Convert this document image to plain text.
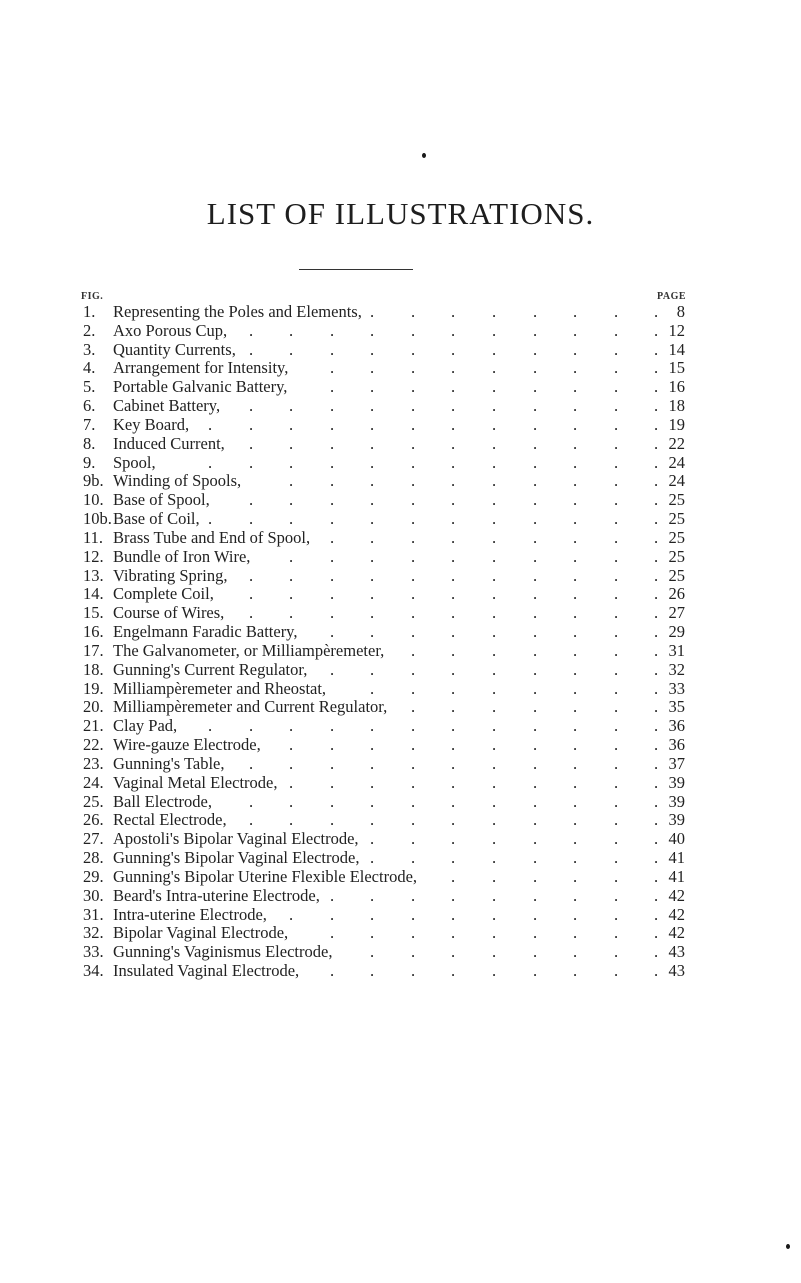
LIST OF ILLUSTRATIONS.
FIG.	PAGE
1.	Representing the Poles and Elements, . . . . . . . . 8
2.	Axo Porous Cup, . . . . . . . . . . . 12
3.	Quantity Currents, . . . . . . . . . . . 14
4.	Arrangement for Intensity,	. . . . . . . . . 15
5.	Portable Galvanic Battery,	. . . . . . . . . 16
6.	Cabinet Battery, . . . . . . . . . . . 18
7.	Key Board, . . . . . . . . . . . . 19
8.	Induced Current, . . . . . . . . . . . 22
9.	Spool,	. . . . . . . . . . . . 24
9b. Winding of Spools,	. . . . . . . . . . 24
10. Base of Spool, . . . . . . . . . . . 25
10b. Base of Coil, . . . . . . . . . . . . 25
11. Brass Tube and End of Spool, . . . . . . . . . 25
12. Bundle of Iron Wire, . . . . . . . . . . 25
13. Vibrating Spring, . . . . . . . . . . . 25
14. Complete Coil, . . . . . . . . . . . 26
15. Course of Wires, . . . . . . . . . . . 27
16. Engelmann Faradic Battery, . . . . . . . . . 29
17. The Galvanometer, or Milliampèremeter, . . . . . . . 31
18. Gunning's Current Regulator, . . . . . . . . . 32
19. Milliampèremeter and Rheostat,	. . . . . . . . 33
20. Milliampèremeter and Current Regulator, . . . . . . . 35
21. Clay Pad, . . . . . . . . . . . . 36
22. Wire-gauze Electrode, . . . . . . . . . . 36
23. Gunning's Table, . . . . . . . . . . . 37
24. Vaginal Metal Electrode, . . . . . . . . . . 39
25. Ball Electrode, . . . . . . . . . . . 39
26. Rectal Electrode, . . . . . . . . . . . 39
27. Apostoli's Bipolar Vaginal Electrode, . . . . . . . . 40
28. Gunning's Bipolar Vaginal Electrode, . . . . . . . . 41
29. Gunning's Bipolar Uterine Flexible Electrode, . . . . . . 41
30. Beard's Intra-uterine Electrode, . . . . . . . . . 42
31. Intra-uterine Electrode, . . . . . . . . . . 42
32. Bipolar Vaginal Electrode,	. . . . . . . . . 42
33. Gunning's Vaginismus Electrode, . . . . . . . . 43
34. Insulated Vaginal Electrode, . . . . . . . . . 43
